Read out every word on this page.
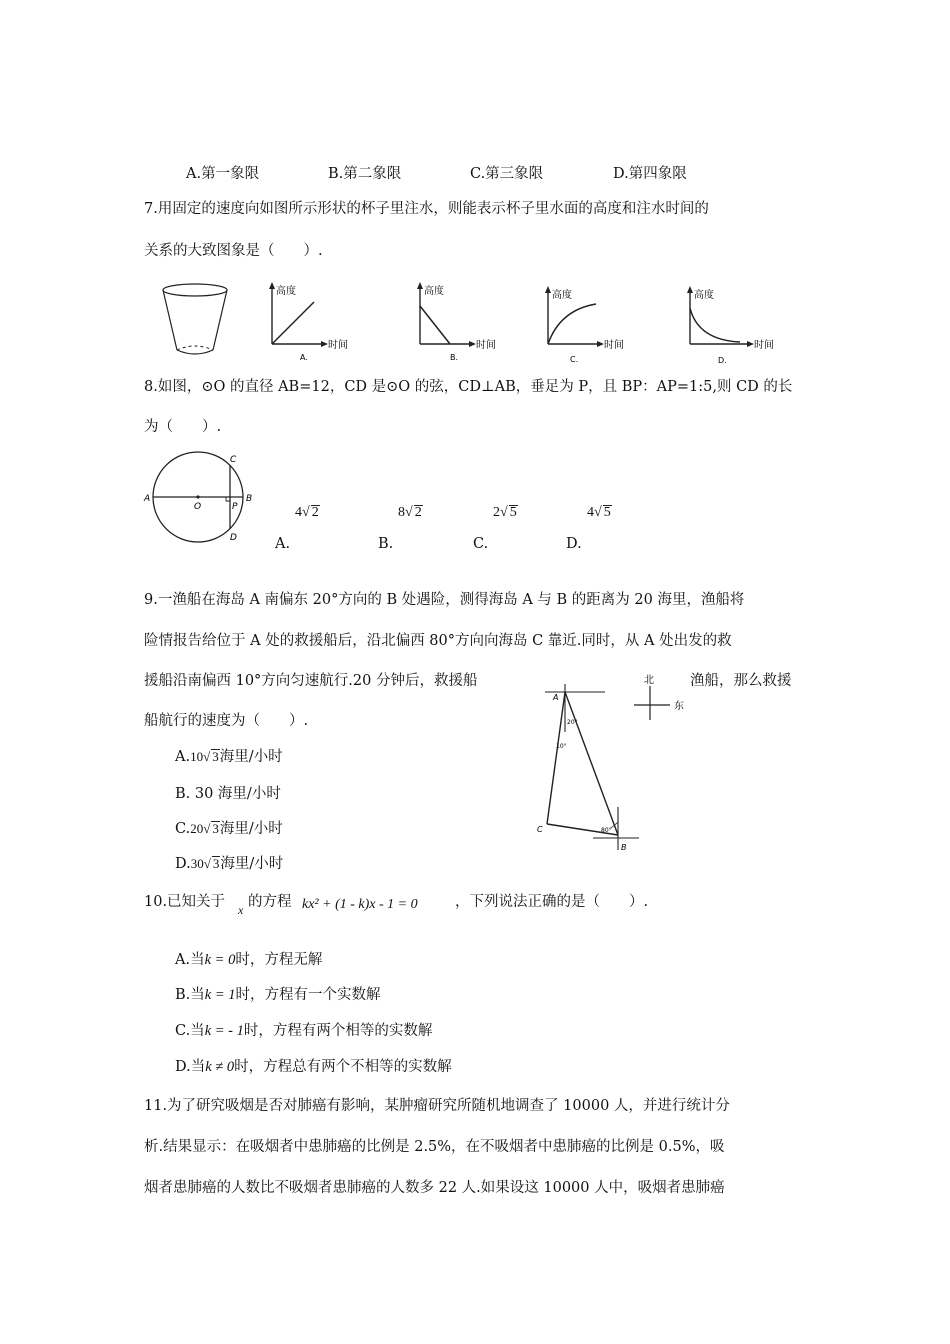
A.第一象限	B.第二象限	C.第三象限	D.第四象限
7.用固定的速度向如图所示形状的杯子里注水，则能表示杯子里水面的高度和注水时间的
关系的大致图象是（　　）.
高度
时间
A.
高度
时间
B.
高度
时间
C.
高度
时间
D.
8.如图，⊙O 的直径 AB=12，CD 是⊙O 的弦，CD⊥AB，垂足为 P，且 BP：AP=1:5,则 CD 的长
为（　　）.
A	B
C
D
O	P	4√ 2	8√ 2	2√ 5	4√ 5
A.	B.	C.	D.
9.一渔船在海岛 A 南偏东 20°方向的 B 处遇险，测得海岛 A 与 B 的距离为 20 海里，渔船将
险情报告给位于 A 处的救援船后，沿北偏西 80°方向向海岛 C 靠近.同时，从 A 处出发的救
援船沿南偏西 10°方向匀速航行.20 分钟后，救援船	渔船，那么救援
船航行的速度为（　　）.
A.10√ 3海里/小时
B. 30 海里/小时
C.20√ 3海里/小时
D.30√ 3海里/小时
北
东
A
B
C
20°
10°
80°
10.已知关于 x 的方程 kx² + (1 - k)x - 1 = 0	，下列说法正确的是（　　）.
A.当k = 0时，方程无解
B.当k = 1时，方程有一个实数解
C.当k = - 1时，方程有两个相等的实数解
D.当k ≠ 0时，方程总有两个不相等的实数解
11.为了研究吸烟是否对肺癌有影响，某肿瘤研究所随机地调查了 10000 人，并进行统计分
析.结果显示：在吸烟者中患肺癌的比例是 2.5%，在不吸烟者中患肺癌的比例是 0.5%，吸
烟者患肺癌的人数比不吸烟者患肺癌的人数多 22 人.如果设这 10000 人中，吸烟者患肺癌
